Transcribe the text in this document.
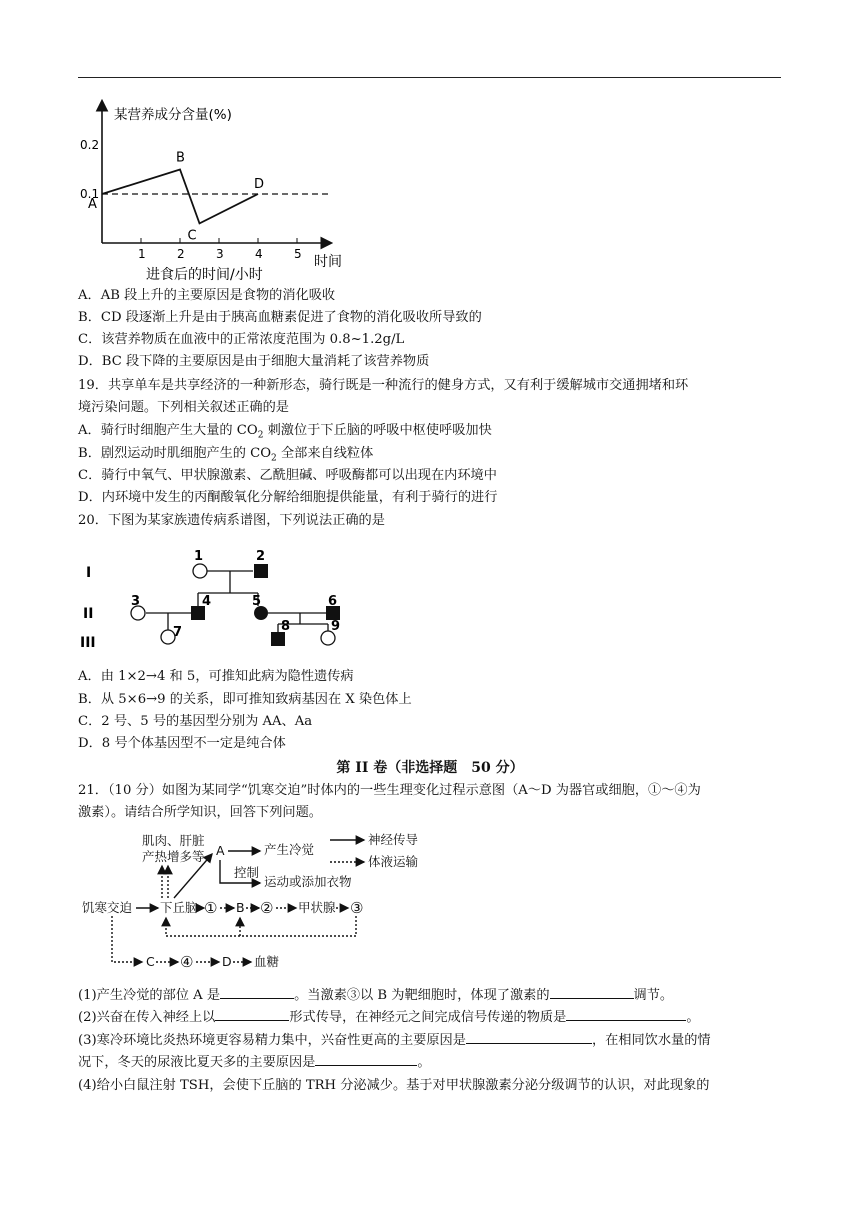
0.2
0.1
1	2	3	4	5
A
B
C
D
某营养成分含量(%)
时间
进食后的时间/小时
A．AB 段上升的主要原因是食物的消化吸收
B．CD 段逐渐上升是由于胰高血糖素促进了食物的消化吸收所导致的
C．该营养物质在血液中的正常浓度范围为 0.8~1.2g/L
D．BC 段下降的主要原因是由于细胞大量消耗了该营养物质
19．共享单车是共享经济的一种新形态，骑行既是一种流行的健身方式，又有利于缓解城市交通拥堵和环
境污染问题。下列相关叙述正确的是
A．骑行时细胞产生大量的 $CO_2$ 刺激位于下丘脑的呼吸中枢使呼吸加快
B．剧烈运动时肌细胞产生的 $CO_2$ 全部来自线粒体
C．骑行中氧气、甲状腺激素、乙酰胆碱、呼吸酶都可以出现在内环境中
D．内环境中发生的丙酮酸氧化分解给细胞提供能量，有利于骑行的进行
20．下图为某家族遗传病系谱图，下列说法正确的是
1	2
3	4	5	6
7	8	9
I
II
III
A．由 1×2→4 和 5，可推知此病为隐性遗传病
B．从 5×6→9 的关系，即可推知致病基因在 X 染色体上
C．2 号、5 号的基因型分别为 AA、Aa
D．8 号个体基因型不一定是纯合体
第 II 卷（非选择题　50 分）
21．（10 分）如图为某同学“饥寒交迫”时体内的一些生理变化过程示意图（A～D 为器官或细胞，①～④为
激素）。请结合所学知识，回答下列问题。
肌肉、肝脏
产热增多等 A	产生冷觉
控制
运动或添加衣物
神经传导
体液运输
饥寒交迫 下丘脑 ① B ② 甲状腺 ③
C ④ D 血糖
(1)产生冷觉的部位 A 是	。当激素③以 B 为靶细胞时，体现了激素的	调节。
(2)兴奋在传入神经上以	形式传导，在神经元之间完成信号传递的物质是	。
(3)寒冷环境比炎热环境更容易精力集中，兴奋性更高的主要原因是	，在相同饮水量的情
况下，冬天的尿液比夏天多的主要原因是	。
(4)给小白鼠注射 TSH，会使下丘脑的 TRH 分泌减少。基于对甲状腺激素分泌分级调节的认识，对此现象的
